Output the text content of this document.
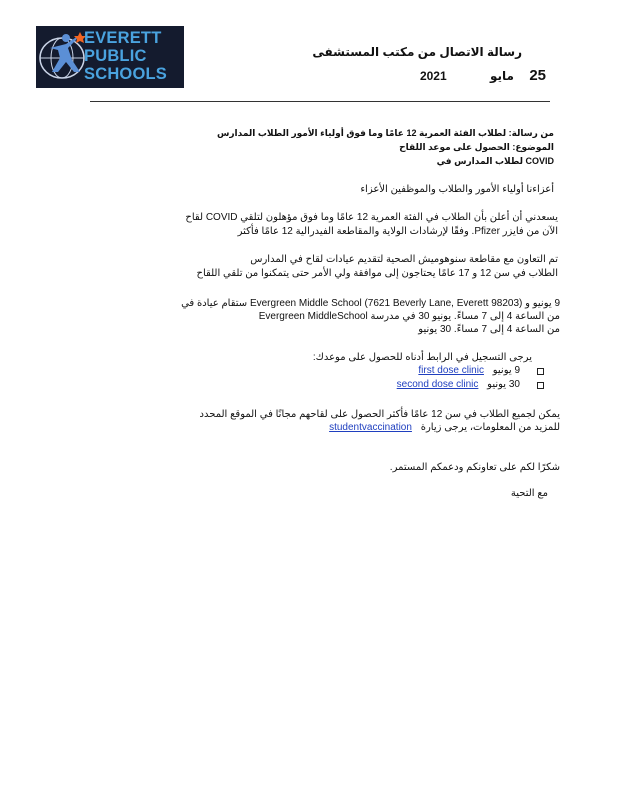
EVERETT
PUBLIC
SCHOOLS
رسالة الاتصال من مكتب المستشفى
25 مايو 2021
من رسالة: لطلاب الفئة العمرية 12 عامًا وما فوق أولياء الأمور الطلاب المدارس
الموضوع: الحصول على موعد اللقاح
COVID لطلاب المدارس في
أعزاءنا أولياء الأمور والطلاب والموظفين الأعزاء
يسعدني أن أعلن بأن الطلاب في الفئة العمرية 12 عامًا وما فوق مؤهلون لتلقي COVID لقاح
الآن من فايزر Pfizer. وفقًا لإرشادات الولاية والمقاطعة الفيدرالية 12 عامًا فأكثر
تم التعاون مع مقاطعة سنوهوميش الصحية لتقديم عيادات لقاح في المدارس
الطلاب في سن 12 و 17 عامًا يحتاجون إلى موافقة ولي الأمر حتى يتمكنوا من تلقي اللقاح
9 يونيو و Evergreen Middle School (7621 Beverly Lane, Everett 98203) ستقام عيادة في
من الساعة 4 إلى 7 مساءً. يونيو 30 في مدرسة Evergreen MiddleSchool
من الساعة 4 إلى 7 مساءً. 30 يونيو
يرجى التسجيل في الرابط أدناه للحصول على موعدك:
first dose clinic 9 يونيو
second dose clinic 30 يونيو
يمكن لجميع الطلاب في سن 12 عامًا فأكثر الحصول على لقاحهم مجانًا في الموقع المحدد
studentvaccination للمزيد من المعلومات، يرجى زيارة
شكرًا لكم على تعاونكم ودعمكم المستمر.
مع التحية
